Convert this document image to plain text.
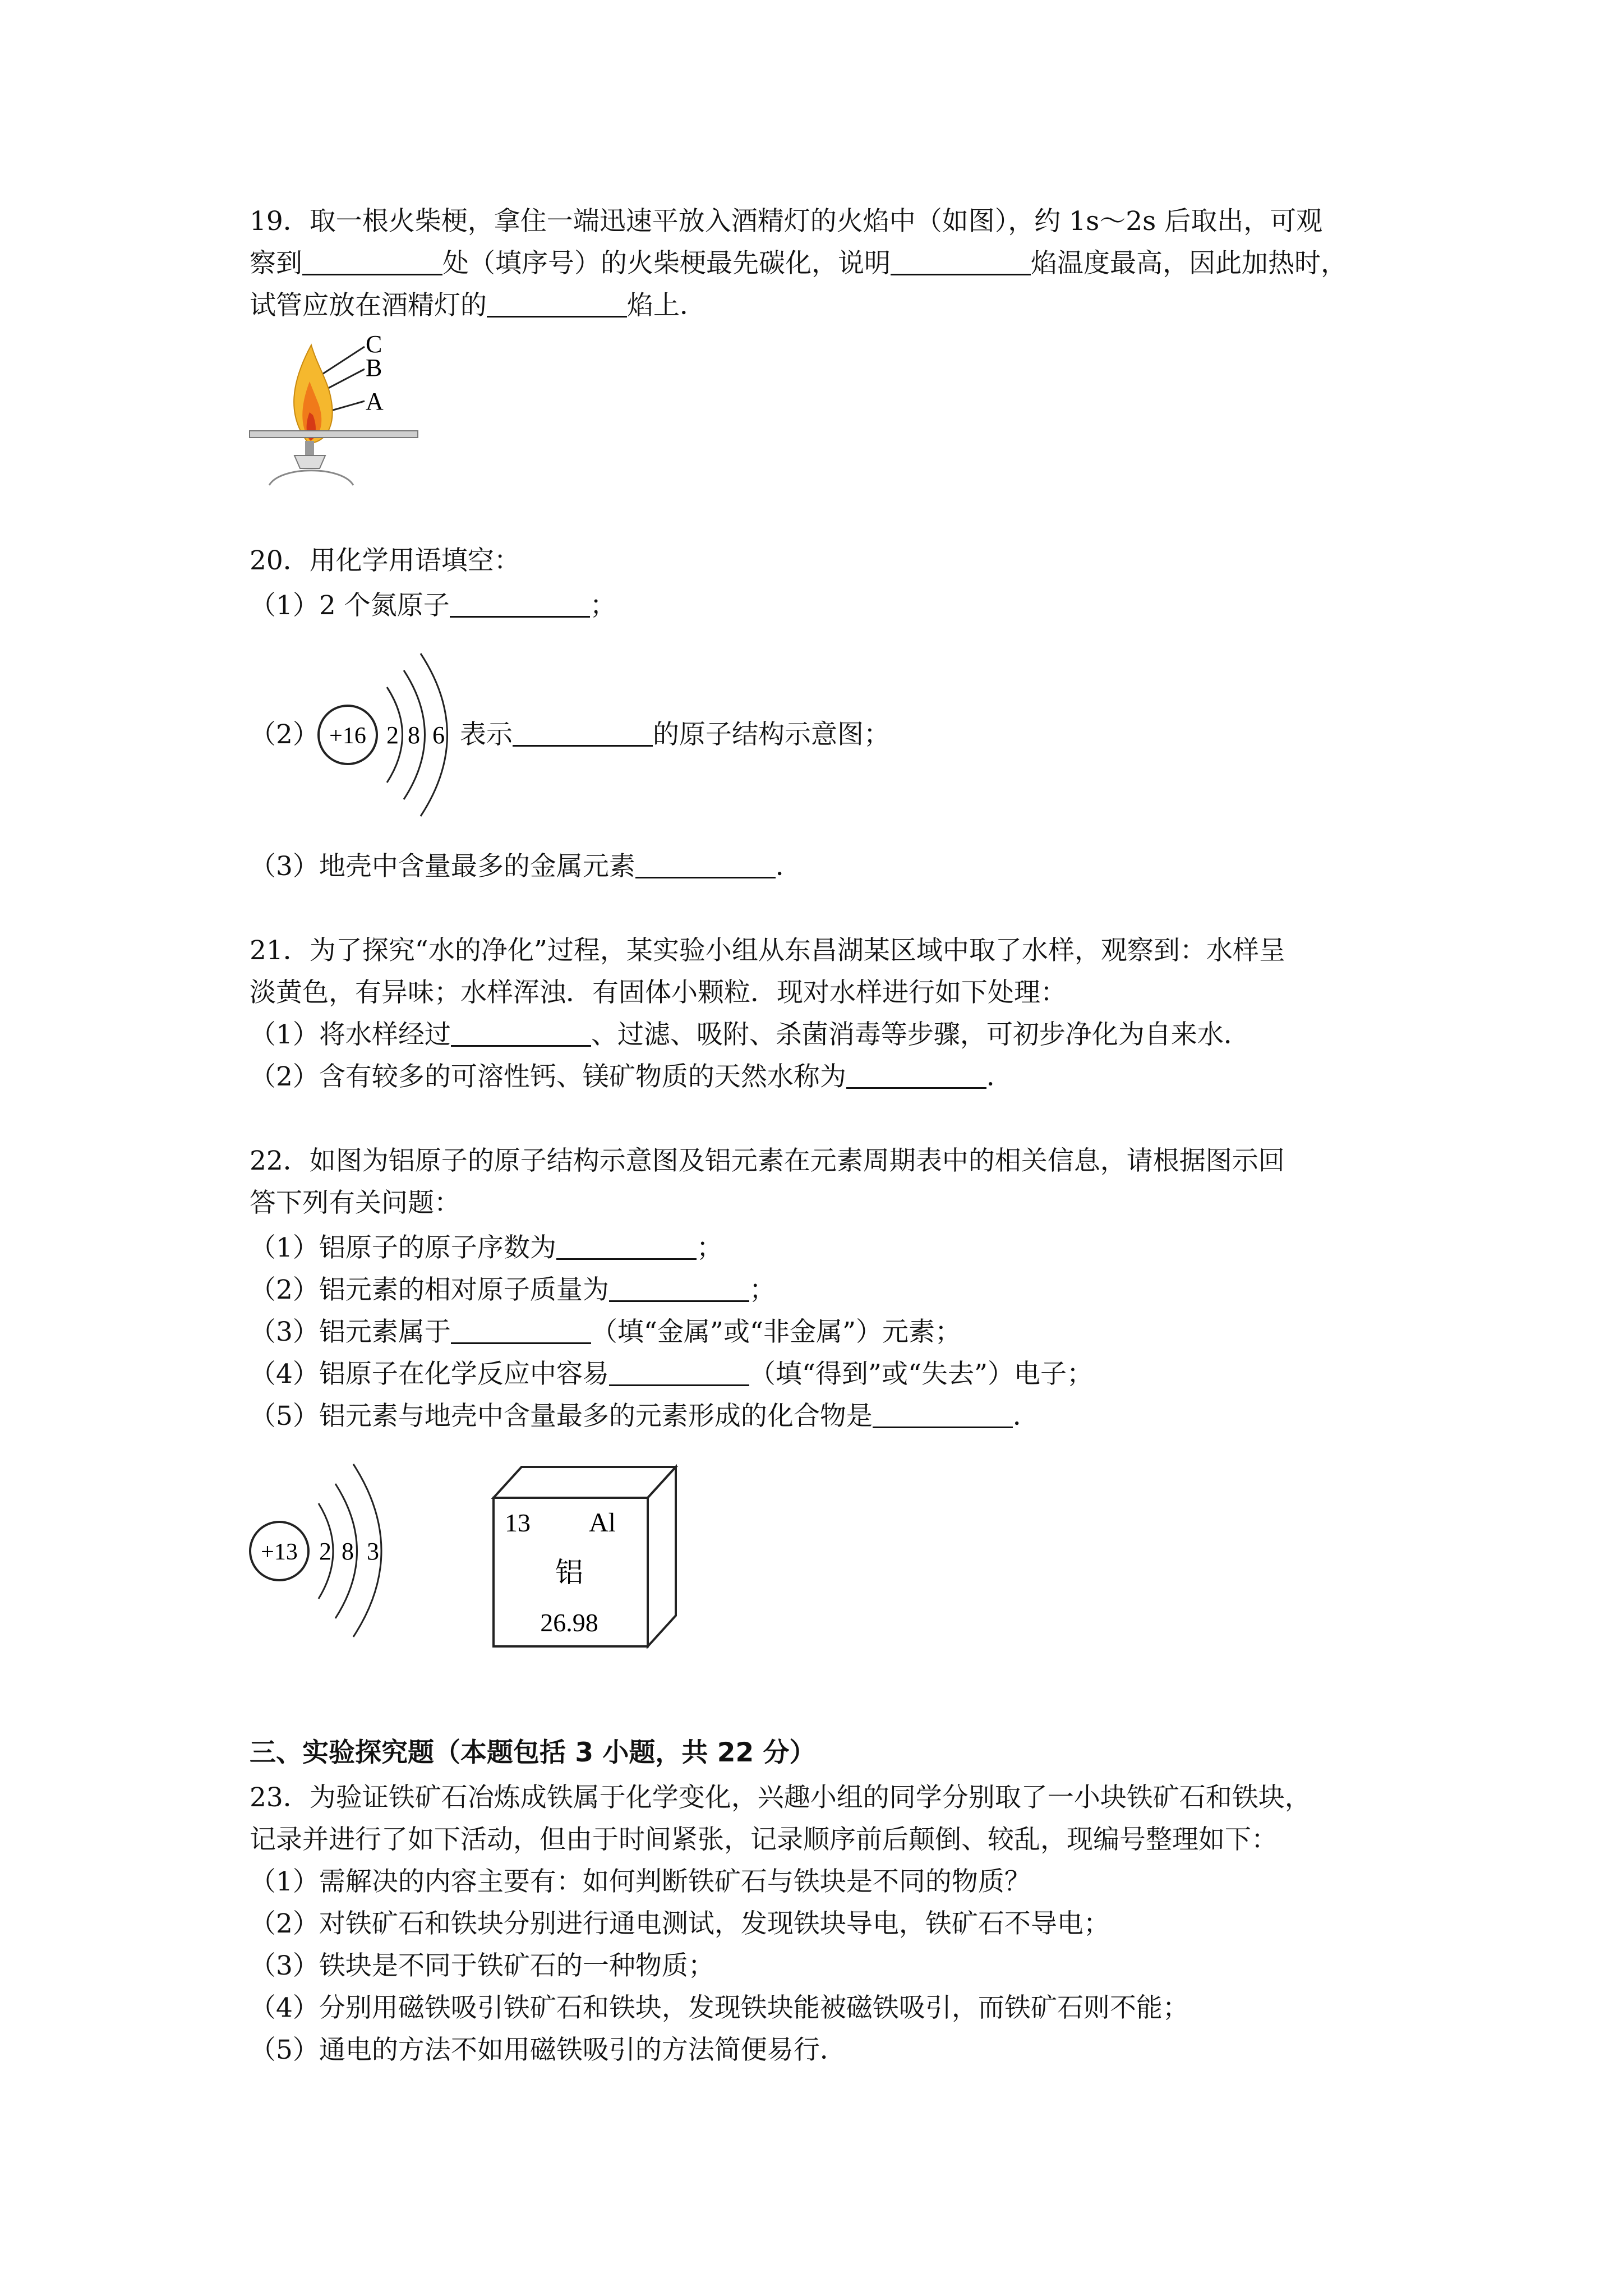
19．取一根火柴梗，拿住一端迅速平放入酒精灯的火焰中（如图），约 1s～2s 后取出，可观
察到	处（填序号）的火柴梗最先碳化，说明	焰温度最高，因此加热时，
试管应放在酒精灯的	焰上．
C
B
A
20．用化学用语填空：
（1）2 个氮原子	；
（2） +16 2 8 6 表示	的原子结构示意图；
（3）地壳中含量最多的金属元素	．
21．为了探究“水的净化”过程，某实验小组从东昌湖某区域中取了水样，观察到：水样呈
淡黄色，有异味；水样浑浊．有固体小颗粒．现对水样进行如下处理：
（1）将水样经过	、过滤、吸附、杀菌消毒等步骤，可初步净化为自来水．
（2）含有较多的可溶性钙、镁矿物质的天然水称为	．
22．如图为铝原子的原子结构示意图及铝元素在元素周期表中的相关信息，请根据图示回
答下列有关问题：
（1）铝原子的原子序数为	；
（2）铝元素的相对原子质量为	；
（3）铝元素属于	（填“金属”或“非金属”）元素；
（4）铝原子在化学反应中容易	（填“得到”或“失去”）电子；
（5）铝元素与地壳中含量最多的元素形成的化合物是	．
+13 2 8 3
13 Al
铝
26.98
三、实验探究题（本题包括 3 小题，共 22 分）
23．为验证铁矿石冶炼成铁属于化学变化，兴趣小组的同学分别取了一小块铁矿石和铁块，
记录并进行了如下活动，但由于时间紧张，记录顺序前后颠倒、较乱，现编号整理如下：
（1）需解决的内容主要有：如何判断铁矿石与铁块是不同的物质？
（2）对铁矿石和铁块分别进行通电测试，发现铁块导电，铁矿石不导电；
（3）铁块是不同于铁矿石的一种物质；
（4）分别用磁铁吸引铁矿石和铁块，发现铁块能被磁铁吸引，而铁矿石则不能；
（5）通电的方法不如用磁铁吸引的方法简便易行．
